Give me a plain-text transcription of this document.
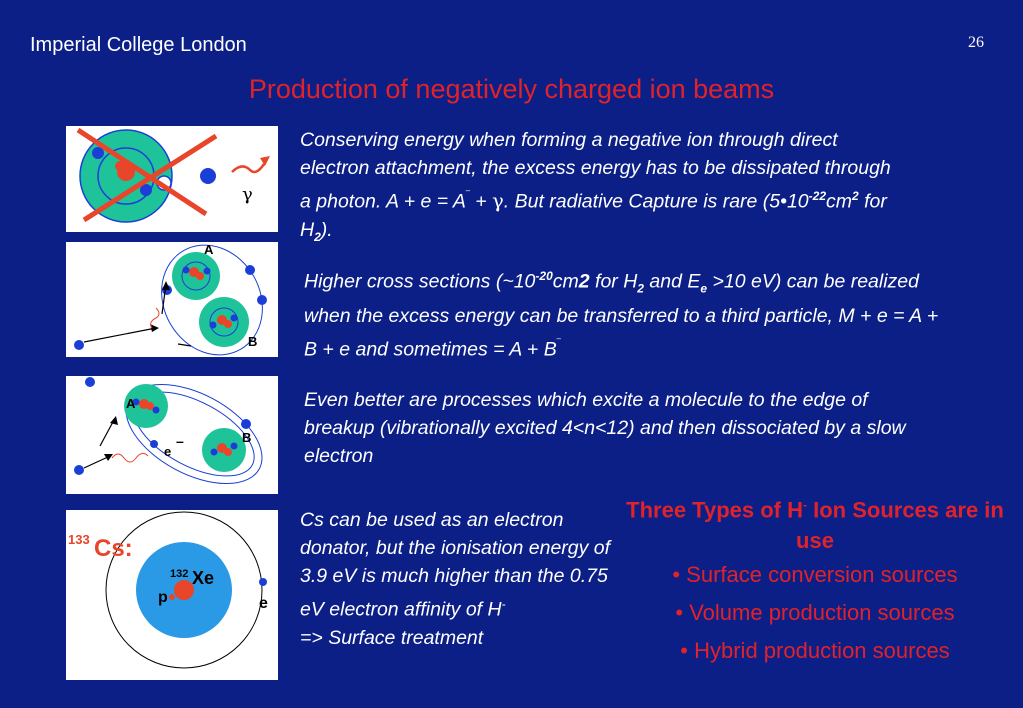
Imperial College London	26
Production of negatively charged ion beams
γ
A
B
A
B
e
–
133 Cs:
132 Xe
p	e
Conserving energy when forming a negative ion through direct electron attachment, the excess energy has to be dissipated through a photon. A + e = A‾ + γ. But radiative Capture is rare ($5•10^{-22}cm^2$ for $H_2$).
Higher cross sections ($\sim 10^{-20}cm2$ for $H_2$ and $E_e >10$ eV) can be realized when the excess energy can be transferred to a third particle, M + e = A + B + e and sometimes = A + B‾
Even better are processes which excite a molecule to the edge of breakup (vibrationally excited 4<n<12) and then dissociated by a slow electron
Cs can be used as an electron donator, but the ionisation energy of 3.9 eV is much higher than the 0.75 eV electron affinity of H-
=> Surface treatment
Three Types of H- Ion Sources are in use
• Surface conversion sources
• Volume production sources
• Hybrid production sources
